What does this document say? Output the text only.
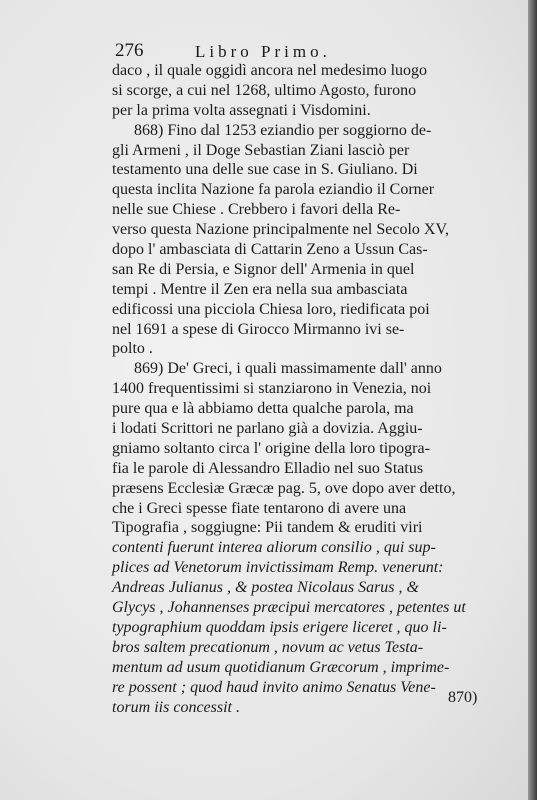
276	Libro Primo.
daco , il quale oggidì ancora nel medesimo luogo
si scorge, a cui nel 1268, ultimo Agosto, furono
per la prima volta assegnati i Visdomini.
868) Fino dal 1253 eziandio per soggiorno de-
gli Armeni , il Doge Sebastian Ziani lasciò per
testamento una delle sue case in S. Giuliano. Di
questa inclita Nazione fa parola eziandio il Corner
nelle sue Chiese . Crebbero i favori della Re-
verso questa Nazione principalmente nel Secolo XV,
dopo l' ambasciata di Cattarin Zeno a Ussun Cas-
san Re di Persia, e Signor dell' Armenia in quel
tempi . Mentre il Zen era nella sua ambasciata
edificossi una picciola Chiesa loro, riedificata poi
nel 1691 a spese di Girocco Mirmanno ivi se-
polto .
869) De' Greci, i quali massimamente dall' anno
1400 frequentissimi si stanziarono in Venezia, noi
pure qua e là abbiamo detta qualche parola, ma
i lodati Scrittori ne parlano già a dovizia. Aggiu-
gniamo soltanto circa l' origine della loro tipogra-
fia le parole di Alessandro Elladio nel suo Status
præsens Ecclesiæ Græcæ pag. 5, ove dopo aver detto,
che i Greci spesse fiate tentarono di avere una
Tipografia , soggiugne: Pii tandem & eruditi viri
contenti fuerunt interea aliorum consilio , qui sup-
plices ad Venetorum invictissimam Remp. venerunt:
Andreas Julianus , & postea Nicolaus Sarus , &
Glycys , Johannenses præcipui mercatores , petentes ut
typographium quoddam ipsis erigere liceret , quo li-
bros saltem precationum , novum ac vetus Testa-
mentum ad usum quotidianum Græcorum , imprime-
re possent ; quod haud invito animo Senatus Vene-
torum iis concessit .
870)
